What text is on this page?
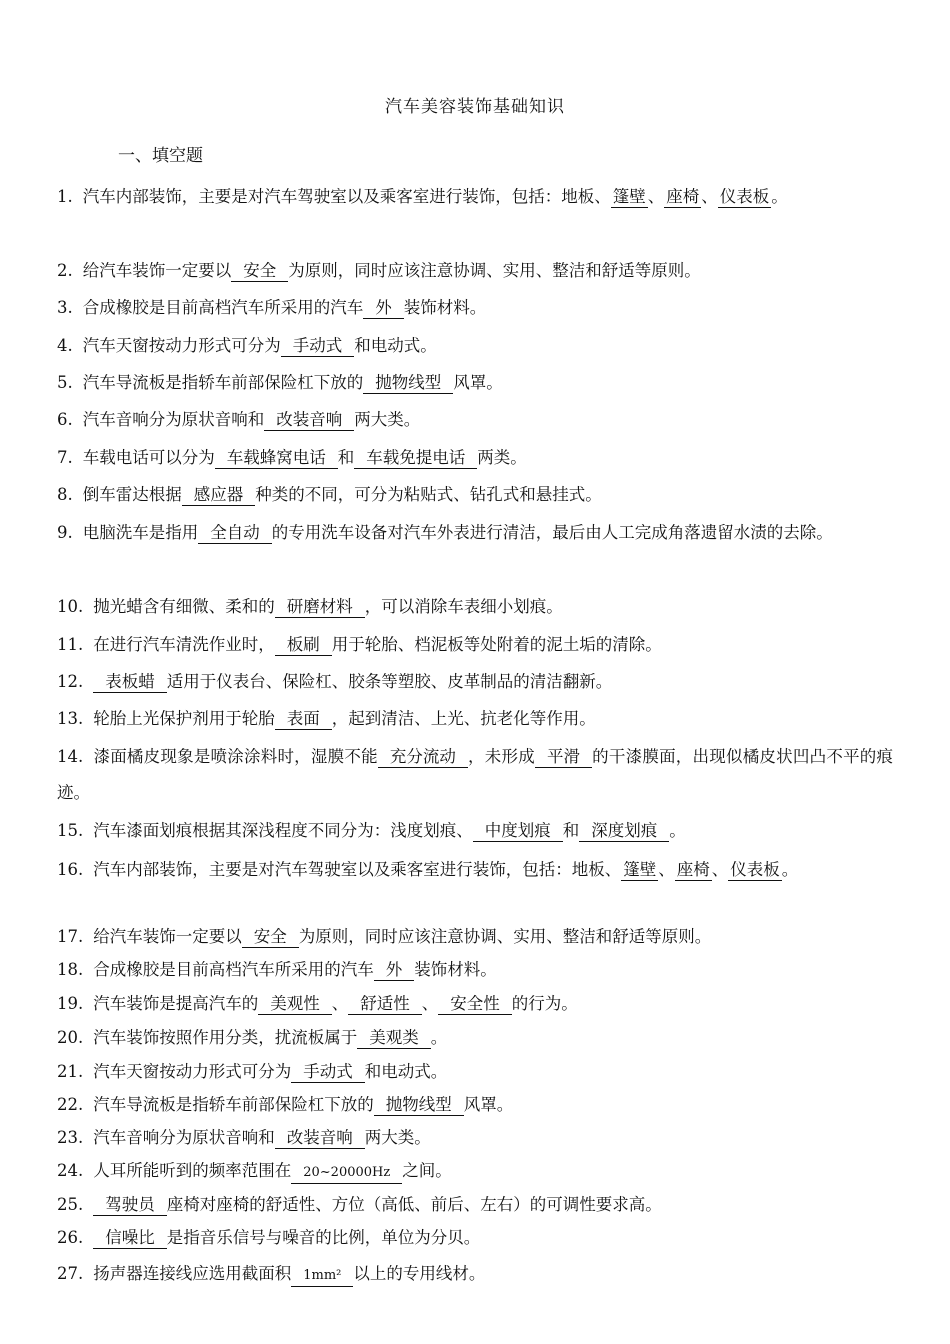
汽车美容装饰基础知识
一、填空题
1. 汽车内部装饰，主要是对汽车驾驶室以及乘客室进行装饰，包括：地板、 篷壁 、 座椅 、 仪表板 。
2. 给汽车装饰一定要以 安全 为原则，同时应该注意协调、实用、整洁和舒适等原则。
3. 合成橡胶是目前高档汽车所采用的汽车 外 装饰材料。
4. 汽车天窗按动力形式可分为 手动式 和电动式。
5. 汽车导流板是指轿车前部保险杠下放的 抛物线型 风罩。
6. 汽车音响分为原状音响和 改装音响 两大类。
7. 车载电话可以分为 车载蜂窝电话 和 车载免提电话 两类。
8. 倒车雷达根据 感应器 种类的不同，可分为粘贴式、钻孔式和悬挂式。
9. 电脑洗车是指用 全自动 的专用洗车设备对汽车外表进行清洁，最后由人工完成角落遗留水渍的去除。
10. 抛光蜡含有细微、柔和的 研磨材料 ，可以消除车表细小划痕。
11. 在进行汽车清洗作业时， 板刷 用于轮胎、档泥板等处附着的泥土垢的清除。
12. 表板蜡 适用于仪表台、保险杠、胶条等塑胶、皮革制品的清洁翻新。
13. 轮胎上光保护剂用于轮胎 表面 ，起到清洁、上光、抗老化等作用。
14. 漆面橘皮现象是喷涂涂料时，湿膜不能 充分流动 ，未形成 平滑 的干漆膜面，出现似橘皮状凹凸不平的痕迹。
15. 汽车漆面划痕根据其深浅程度不同分为：浅度划痕、 中度划痕 和 深度划痕 。
16. 汽车内部装饰，主要是对汽车驾驶室以及乘客室进行装饰，包括：地板、 篷壁 、 座椅 、 仪表板 。
17. 给汽车装饰一定要以 安全 为原则，同时应该注意协调、实用、整洁和舒适等原则。
18. 合成橡胶是目前高档汽车所采用的汽车 外 装饰材料。
19. 汽车装饰是提高汽车的 美观性 、 舒适性 、 安全性 的行为。
20. 汽车装饰按照作用分类，扰流板属于 美观类 。
21. 汽车天窗按动力形式可分为 手动式 和电动式。
22. 汽车导流板是指轿车前部保险杠下放的 抛物线型 风罩。
23. 汽车音响分为原状音响和 改装音响 两大类。
24. 人耳所能听到的频率范围在 20~20000Hz 之间。
25. 驾驶员 座椅对座椅的舒适性、方位（高低、前后、左右）的可调性要求高。
26. 信噪比 是指音乐信号与噪音的比例，单位为分贝。
27. 扬声器连接线应选用截面积 1mm² 以上的专用线材。
